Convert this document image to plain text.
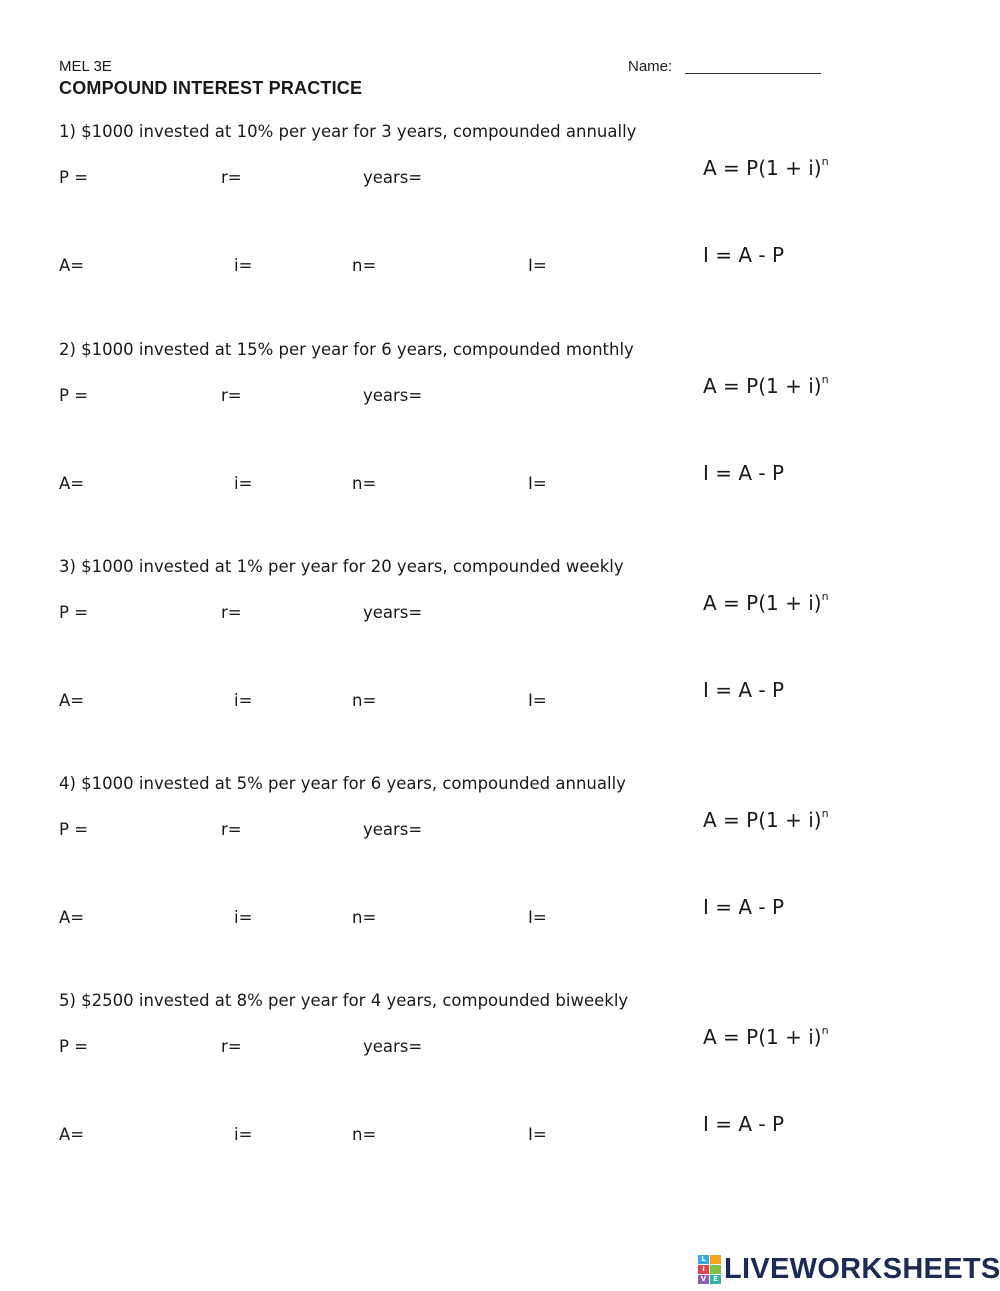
MEL 3E
COMPOUND INTEREST PRACTICE
Name:
1) $1000 invested at 10% per year for 3 years, compounded annually
P =	r=	years=	$A = P(1 + i)^n$
A=	i=	n=	I=	I = A - P
2) $1000 invested at 15% per year for 6 years, compounded monthly
P =	r=	years=	$A = P(1 + i)^n$
A=	i=	n=	I=	I = A - P
3) $1000 invested at 1% per year for 20 years, compounded weekly
P =	r=	years=	$A = P(1 + i)^n$
A=	i=	n=	I=	I = A - P
4) $1000 invested at 5% per year for 6 years, compounded annually
P =	r=	years=	$A = P(1 + i)^n$
A=	i=	n=	I=	I = A - P
5) $2500 invested at 8% per year for 4 years, compounded biweekly
P =	r=	years=	$A = P(1 + i)^n$
A=	i=	n=	I=	I = A - P
L
I
V E LIVEWORKSHEETS
